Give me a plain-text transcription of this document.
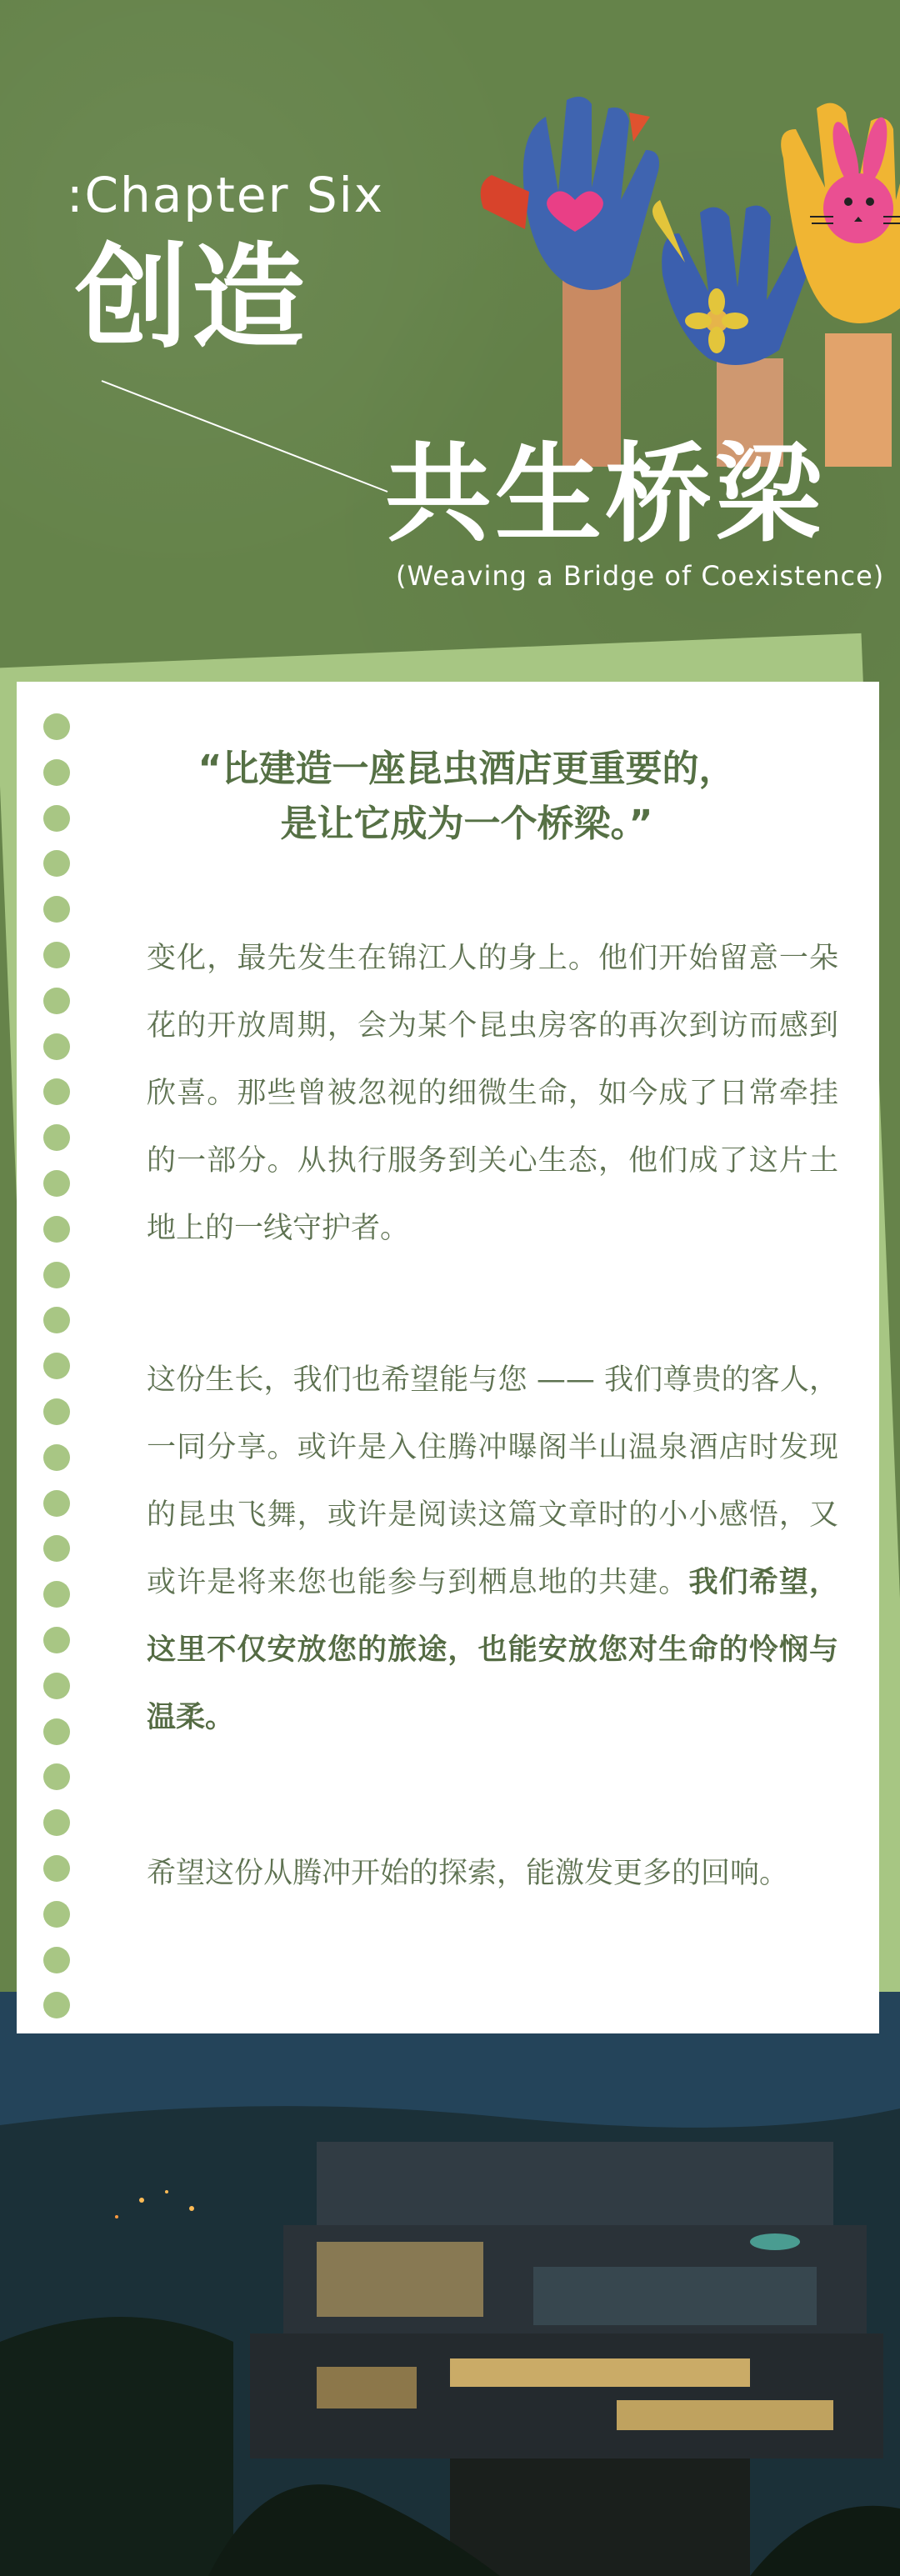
:Chapter Six
创造
共生桥梁
(Weaving a Bridge of Coexistence)
“比建造一座昆虫酒店更重要的，
是让它成为一个桥梁。”
变化，最先发生在锦江人的身上。他们开始留意一朵花的开放周期，会为某个昆虫房客的再次到访而感到欣喜。那些曾被忽视的细微生命，如今成了日常牵挂的一部分。从执行服务到关心生态，他们成了这片土地上的一线守护者。
这份生长，我们也希望能与您 —— 我们尊贵的客人，一同分享。或许是入住腾冲曝阁半山温泉酒店时发现的昆虫飞舞，或许是阅读这篇文章时的小小感悟，又或许是将来您也能参与到栖息地的共建。我们希望，这里不仅安放您的旅途，也能安放您对生命的怜悯与温柔。
希望这份从腾冲开始的探索，能激发更多的回响。
